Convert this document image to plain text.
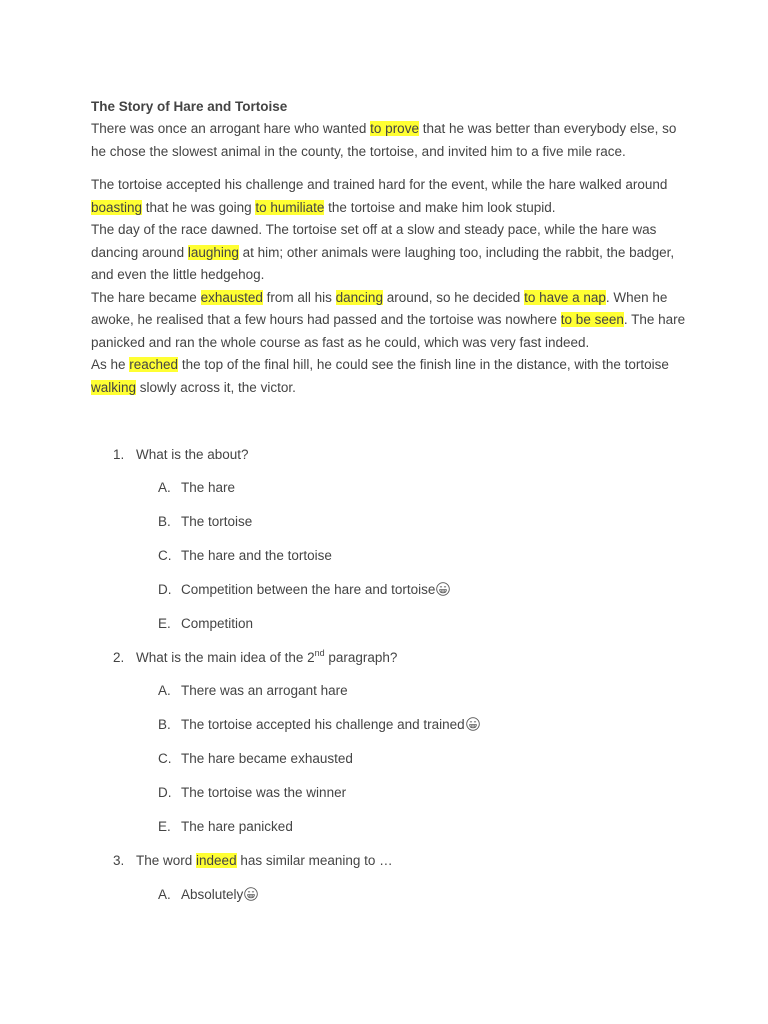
The Story of Hare and Tortoise
There was once an arrogant hare who wanted to prove that he was better than everybody else, so he chose the slowest animal in the county, the tortoise, and invited him to a five mile race.
The tortoise accepted his challenge and trained hard for the event, while the hare walked around boasting that he was going to humiliate the tortoise and make him look stupid.
The day of the race dawned. The tortoise set off at a slow and steady pace, while the hare was dancing around laughing at him; other animals were laughing too, including the rabbit, the badger, and even the little hedgehog.
The hare became exhausted from all his dancing around, so he decided to have a nap. When he awoke, he realised that a few hours had passed and the tortoise was nowhere to be seen. The hare panicked and ran the whole course as fast as he could, which was very fast indeed.
As he reached the top of the final hill, he could see the finish line in the distance, with the tortoise walking slowly across it, the victor.
1. What is the about?
A. The hare
B. The tortoise
C. The hare and the tortoise
D. Competition between the hare and tortoise
E. Competition
2. What is the main idea of the 2nd paragraph?
A. There was an arrogant hare
B. The tortoise accepted his challenge and trained
C. The hare became exhausted
D. The tortoise was the winner
E. The hare panicked
3. The word indeed has similar meaning to …
A. Absolutely
